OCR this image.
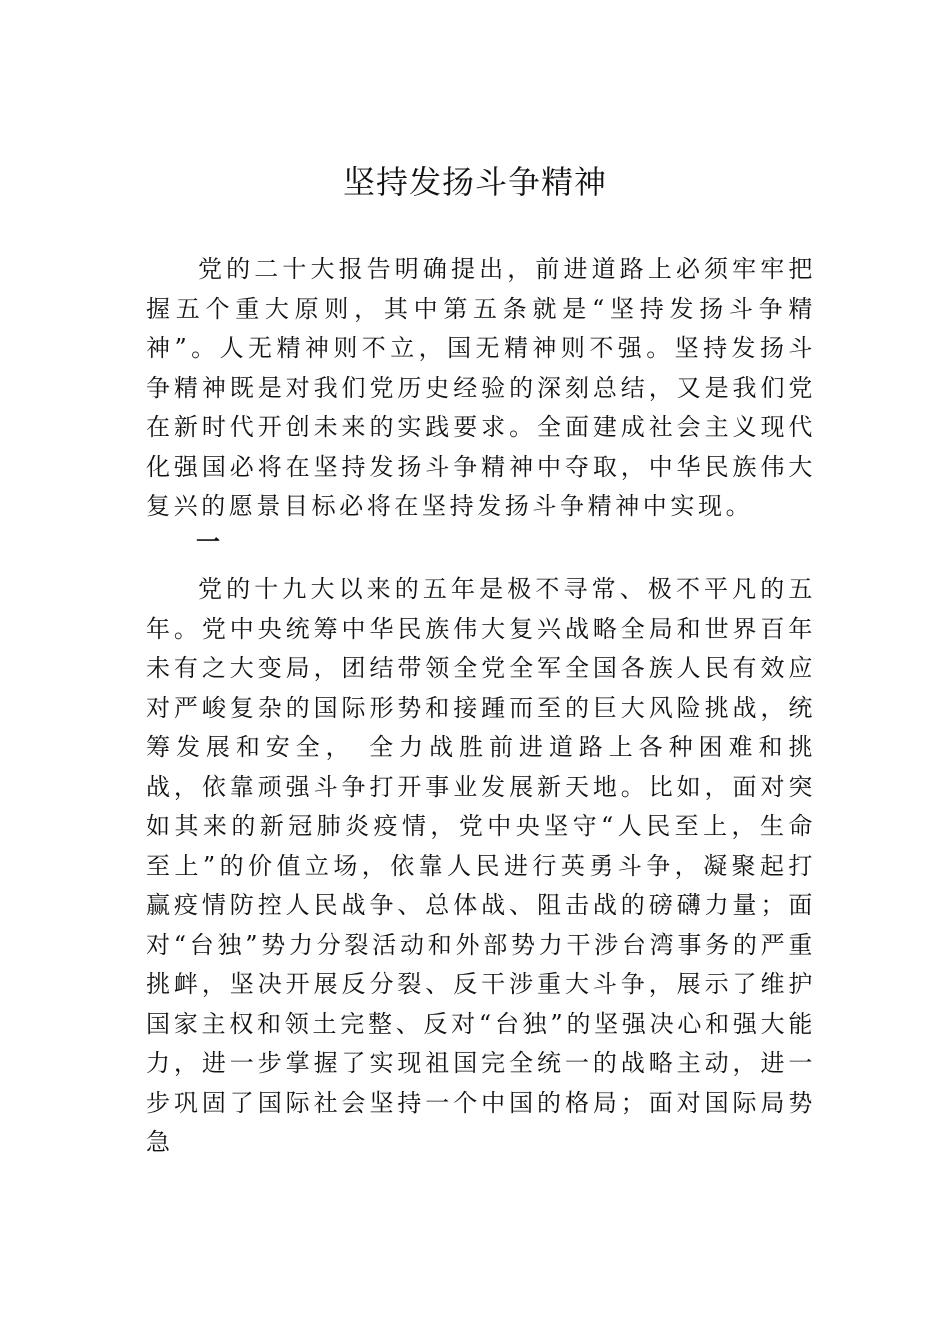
坚持发扬斗争精神

党的二十大报告明确提出，前进道路上必须牢牢把握五个重大原则，其中第五条就是“坚持发扬斗争精神”。人无精神则不立，国无精神则不强。坚持发扬斗争精神既是对我们党历史经验的深刻总结，又是我们党在新时代开创未来的实践要求。全面建成社会主义现代化强国必将在坚持发扬斗争精神中夺取，中华民族伟大复兴的愿景目标必将在坚持发扬斗争精神中实现。

一

党的十九大以来的五年是极不寻常、极不平凡的五年。党中央统筹中华民族伟大复兴战略全局和世界百年未有之大变局，团结带领全党全军全国各族人民有效应对严峻复杂的国际形势和接踵而至的巨大风险挑战，统筹发展和安全， 全力战胜前进道路上各种困难和挑战，依靠顽强斗争打开事业发展新天地。比如，面对突如其来的新冠肺炎疫情，党中央坚守“人民至上，生命至上”的价值立场，依靠人民进行英勇斗争，凝聚起打赢疫情防控人民战争、总体战、阻击战的磅礴力量；面对“台独”势力分裂活动和外部势力干涉台湾事务的严重挑衅，坚决开展反分裂、反干涉重大斗争，展示了维护国家主权和领土完整、反对“台独”的坚强决心和强大能力，进一步掌握了实现祖国完全统一的战略主动，进一步巩固了国际社会坚持一个中国的格局；面对国际局势急
